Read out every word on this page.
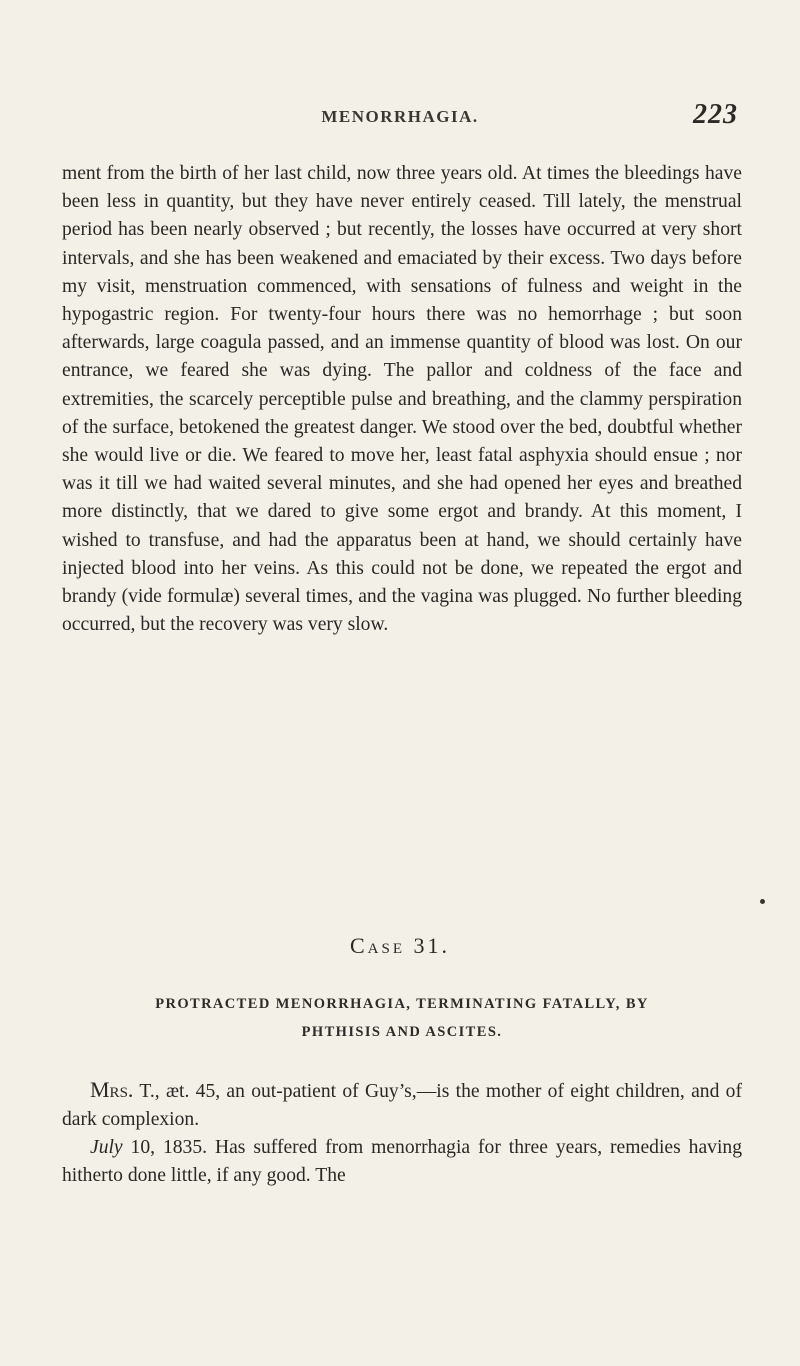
MENORRHAGIA.	223
ment from the birth of her last child, now three years old. At times the bleedings have been less in quantity, but they have never entirely ceased. Till lately, the menstrual period has been nearly observed ; but recently, the losses have occurred at very short intervals, and she has been weakened and emaciated by their excess. Two days before my visit, menstruation commenced, with sensations of fulness and weight in the hypogastric region. For twenty-four hours there was no hemorrhage ; but soon afterwards, large coagula passed, and an immense quantity of blood was lost. On our entrance, we feared she was dying. The pallor and coldness of the face and extremities, the scarcely perceptible pulse and breathing, and the clammy perspiration of the surface, betokened the greatest danger. We stood over the bed, doubtful whether she would live or die. We feared to move her, least fatal asphyxia should ensue ; nor was it till we had waited several minutes, and she had opened her eyes and breathed more distinctly, that we dared to give some ergot and brandy. At this moment, I wished to transfuse, and had the apparatus been at hand, we should certainly have injected blood into her veins. As this could not be done, we repeated the ergot and brandy (vide formulæ) several times, and the vagina was plugged. No further bleeding occurred, but the recovery was very slow.
Case 31.
PROTRACTED MENORRHAGIA, TERMINATING FATALLY, BY
PHTHISIS AND ASCITES.
Mrs. T., æt. 45, an out-patient of Guy’s,—is the mother of eight children, and of dark complexion.
July 10, 1835. Has suffered from menorrhagia for three years, remedies having hitherto done little, if any good. The
